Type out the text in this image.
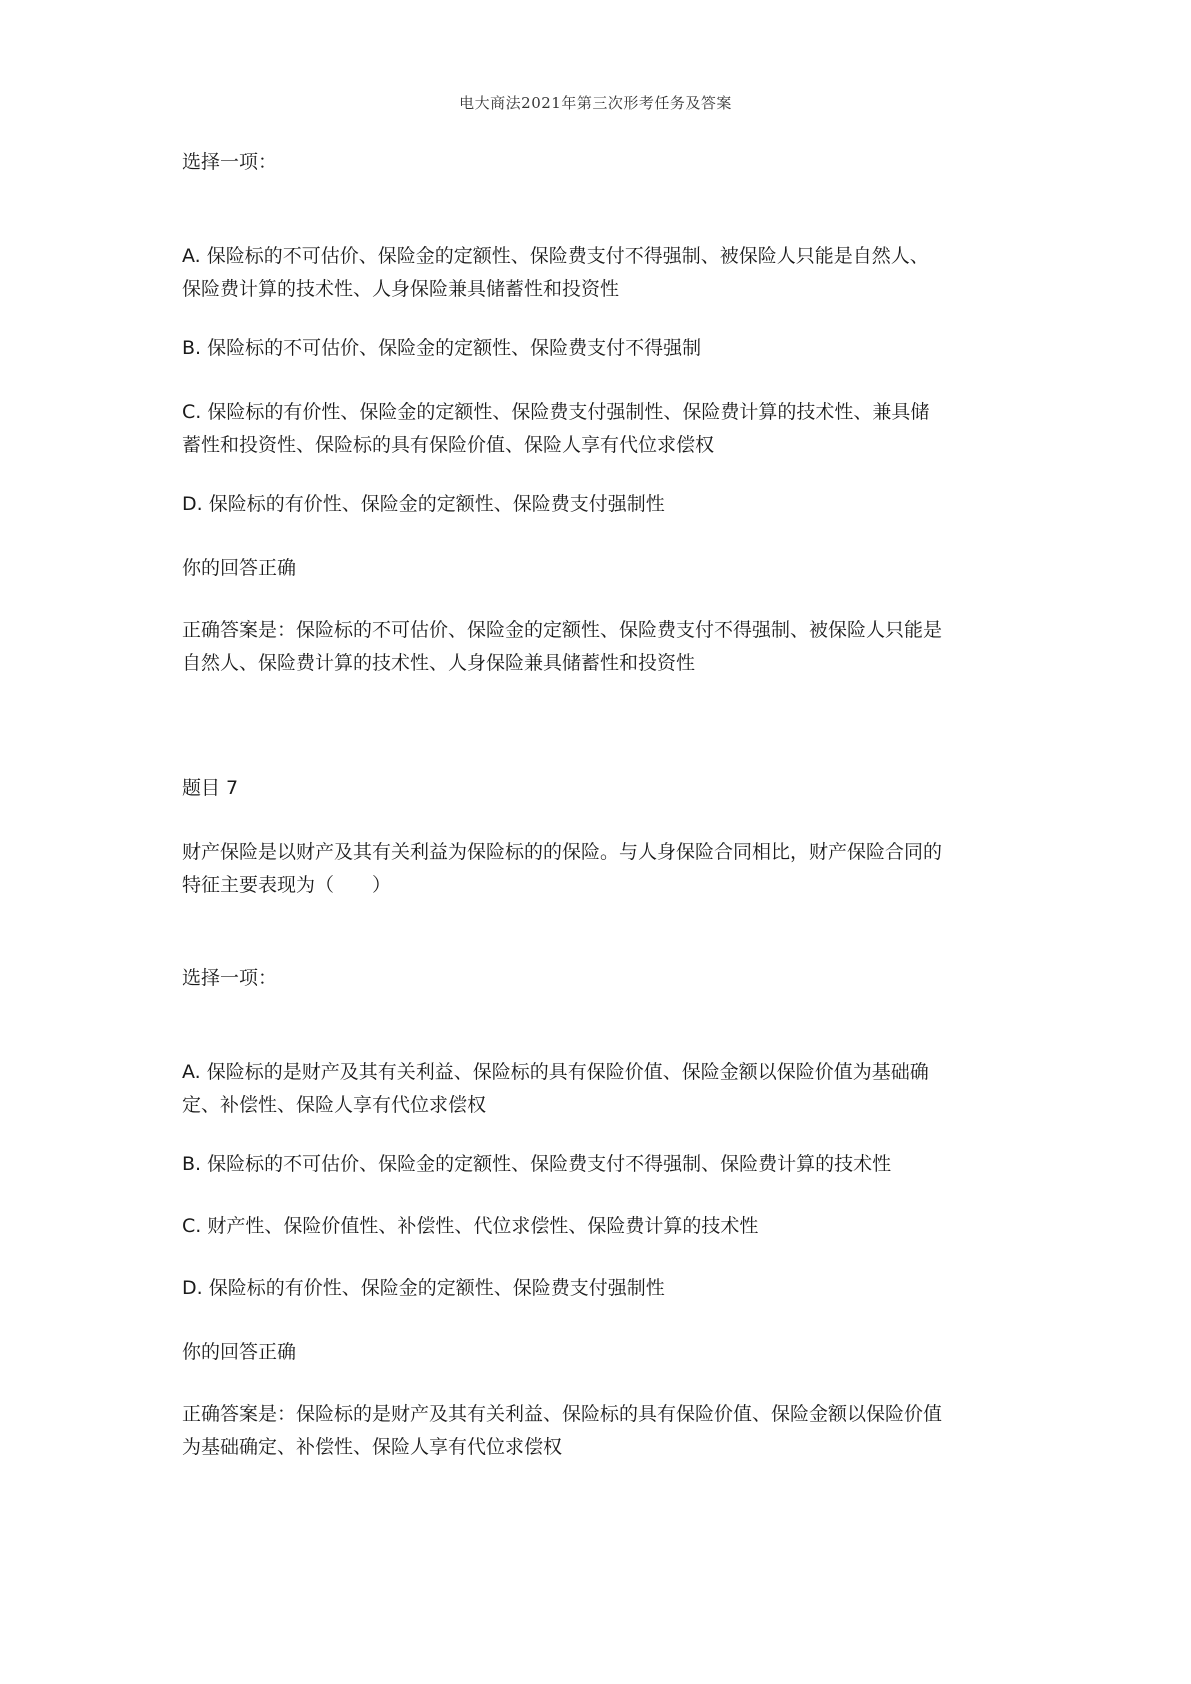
电大商法2021年第三次形考任务及答案
选择一项：
A. 保险标的不可估价、保险金的定额性、保险费支付不得强制、被保险人只能是自然人、
保险费计算的技术性、人身保险兼具储蓄性和投资性
B. 保险标的不可估价、保险金的定额性、保险费支付不得强制
C. 保险标的有价性、保险金的定额性、保险费支付强制性、保险费计算的技术性、兼具储
蓄性和投资性、保险标的具有保险价值、保险人享有代位求偿权
D. 保险标的有价性、保险金的定额性、保险费支付强制性
你的回答正确
正确答案是：保险标的不可估价、保险金的定额性、保险费支付不得强制、被保险人只能是
自然人、保险费计算的技术性、人身保险兼具储蓄性和投资性
题目 7
财产保险是以财产及其有关利益为保险标的的保险。与人身保险合同相比，财产保险合同的
特征主要表现为（　　）
选择一项：
A. 保险标的是财产及其有关利益、保险标的具有保险价值、保险金额以保险价值为基础确
定、补偿性、保险人享有代位求偿权
B. 保险标的不可估价、保险金的定额性、保险费支付不得强制、保险费计算的技术性
C. 财产性、保险价值性、补偿性、代位求偿性、保险费计算的技术性
D. 保险标的有价性、保险金的定额性、保险费支付强制性
你的回答正确
正确答案是：保险标的是财产及其有关利益、保险标的具有保险价值、保险金额以保险价值
为基础确定、补偿性、保险人享有代位求偿权
